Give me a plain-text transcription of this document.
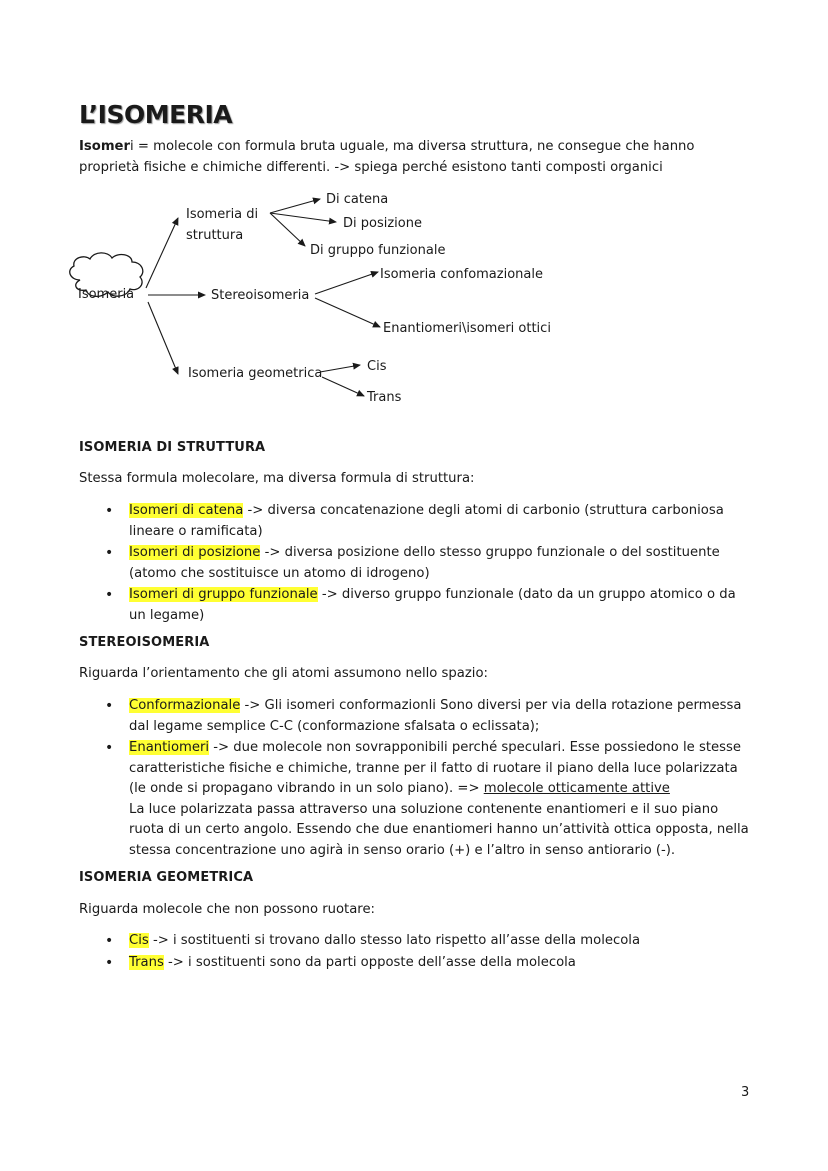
L’ISOMERIA

Isomeri = molecole con formula bruta uguale, ma diversa struttura, ne consegue che hanno proprietà fisiche e chimiche differenti. -> spiega perché esistono tanti composti organici

Isomeria
Isomeria di
struttura
Di catena
Di posizione
Di gruppo funzionale
Stereoisomeria
Isomeria confomazionale
Enantiomeri\isomeri ottici
Isomeria geometrica	Cis
Trans
ISOMERIA DI STRUTTURA

Stessa formula molecolare, ma diversa formula di struttura:

• Isomeri di catena -> diversa concatenazione degli atomi di carbonio (struttura carboniosa lineare o ramificata)
• Isomeri di posizione -> diversa posizione dello stesso gruppo funzionale o del sostituente (atomo che sostituisce un atomo di idrogeno)
• Isomeri di gruppo funzionale -> diverso gruppo funzionale (dato da un gruppo atomico o da un legame)
STEREOISOMERIA

Riguarda l’orientamento che gli atomi assumono nello spazio:

• Conformazionale -> Gli isomeri conformazionli Sono diversi per via della rotazione permessa dal legame semplice C-C (conformazione sfalsata o eclissata);
• Enantiomeri -> due molecole non sovrapponibili perché speculari. Esse possiedono le stesse caratteristiche fisiche e chimiche, tranne per il fatto di ruotare il piano della luce polarizzata (le onde si propagano vibrando in un solo piano). => molecole otticamente attive
La luce polarizzata passa attraverso una soluzione contenente enantiomeri e il suo piano ruota di un certo angolo. Essendo che due enantiomeri hanno un’attività ottica opposta, nella stessa concentrazione uno agirà in senso orario (+) e l’altro in senso antiorario (-).
ISOMERIA GEOMETRICA

Riguarda molecole che non possono ruotare:

• Cis -> i sostituenti si trovano dallo stesso lato rispetto all’asse della molecola
• Trans -> i sostituenti sono da parti opposte dell’asse della molecola
3
